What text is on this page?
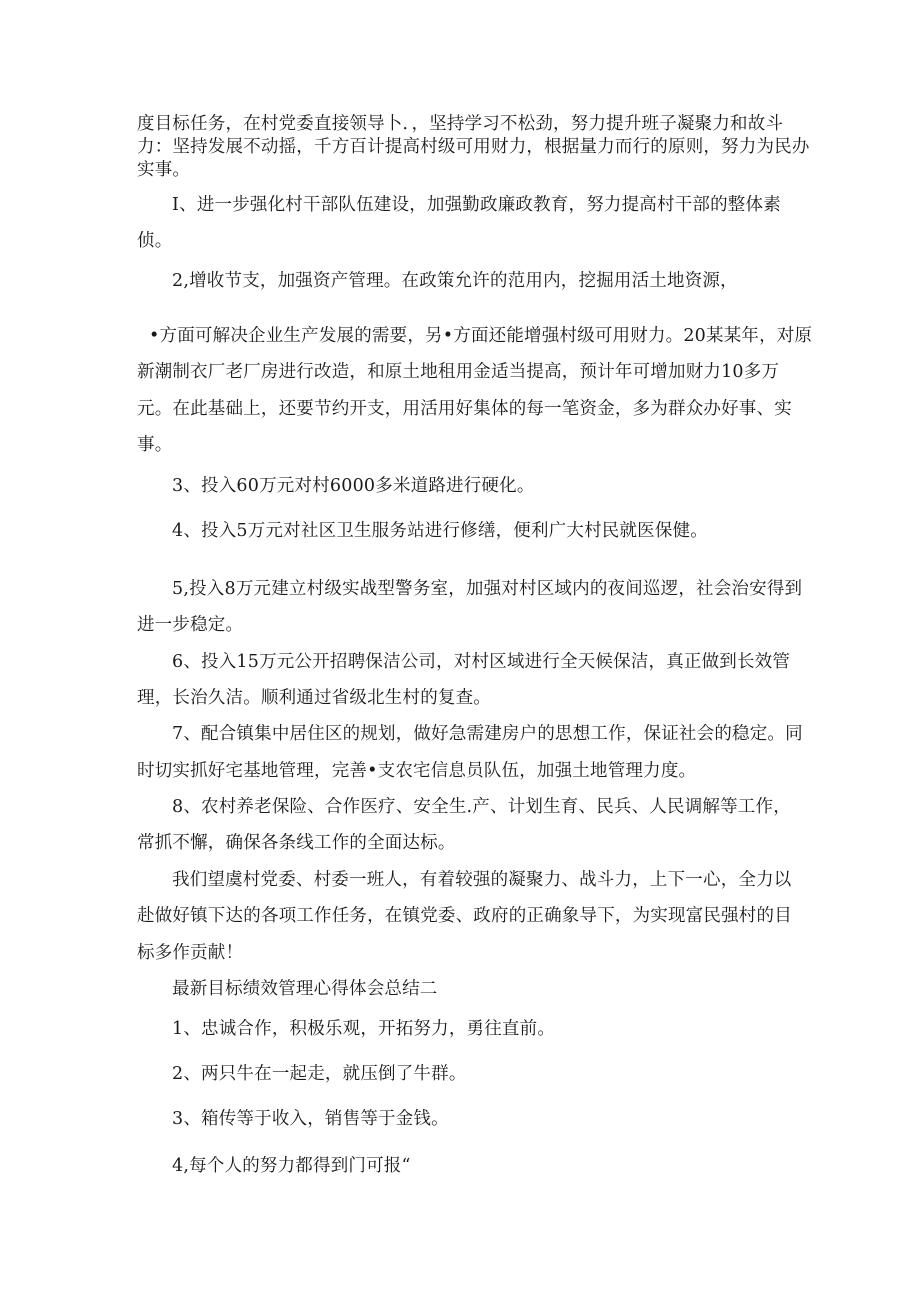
度目标任务，在村党委直接领导卜．，坚持学习不松劲，努力提升班子凝聚力和故斗
力：坚持发展不动摇，千方百计提高村级可用财力，根据量力而行的原则，努力为民办
实事。
I、进一步强化村干部队伍建设，加强勤政廉政教育，努力提高村干部的整体素
侦。
2,增收节支，加强资产管理。在政策允许的范用内，挖掘用活土地资源，
•方面可解决企业生产发展的需要，另•方面还能增强村级可用财力。20某某年，对原
新潮制衣厂老厂房进行改造，和原土地租用金适当提高，预计年可增加财力10多万
元。在此基础上，还要节约开支，用活用好集体的每一笔资金，多为群众办好事、实
事。
3、投入60万元对村6000多米道路进行硬化。
4、投入5万元对社区卫生服务站进行修缮，便利广大村民就医保健。
5,投入8万元建立村级实战型警务室，加强对村区域内的夜间巡逻，社会治安得到
进一步稳定。
6、投入15万元公开招聘保洁公司，对村区域进行全天候保洁，真正做到长效管
理，长治久洁。顺利通过省级北生村的复查。
7、配合镇集中居住区的规划，做好急需建房户的思想工作，保证社会的稳定。同
时切实抓好宅基地管理，完善•支农宅信息员队伍，加强土地管理力度。
8、农村养老保险、合作医疗、安全生.产、计划生育、民兵、人民调解等工作，
常抓不懈，确保各条线工作的全面达标。
我们望虞村党委、村委一班人，有着较强的凝聚力、战斗力，上下一心，全力以
赴做好镇下达的各项工作任务，在镇党委、政府的正确象导下，为实现富民强村的目
标多作贡献！
最新目标绩效管理心得体会总结二
1、忠诚合作，积极乐观，开拓努力，勇往直前。
2、两只牛在一起走，就压倒了牛群。
3、箱传等于收入，销售等于金钱。
4,每个人的努力都得到门可报“
